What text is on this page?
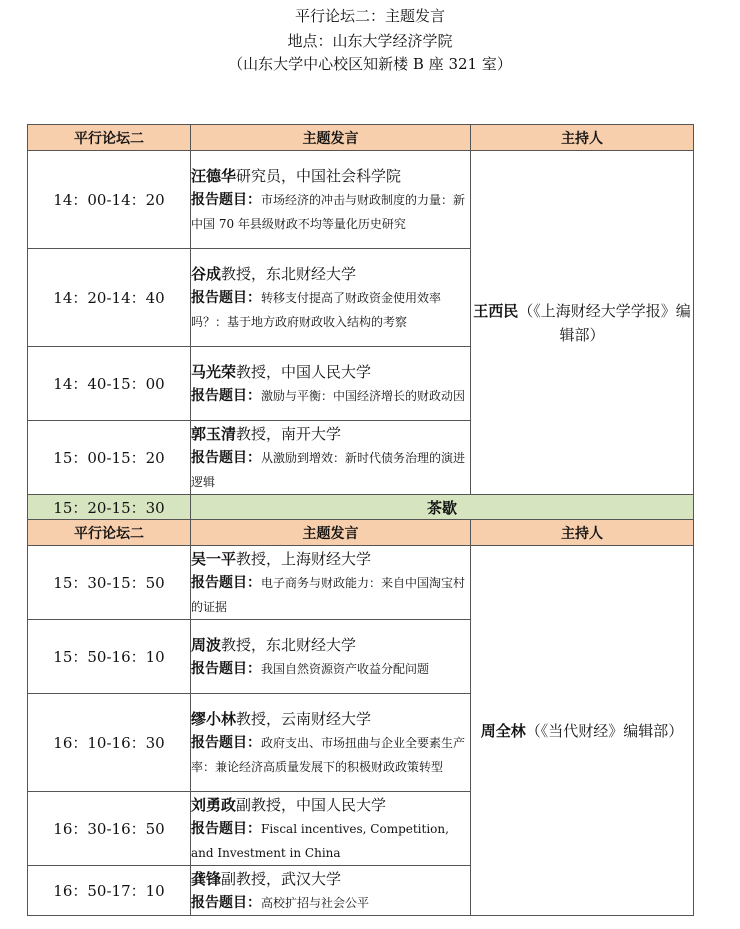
平行论坛二：主题发言
地点：山东大学经济学院
（山东大学中心校区知新楼 B 座 321 室）
平行论坛二	主题发言	主持人
14：00-14：20	汪德华研究员，中国社会科学院
报告题目：市场经济的冲击与财政制度的力量：新中国 70 年县级财政不均等量化历史研究	王西民（《上海财经大学学报》编辑部）
14：20-14：40	谷成教授，东北财经大学
报告题目：转移支付提高了财政资金使用效率吗？：基于地方政府财政收入结构的考察	

14：40-15：00	马光荣教授，中国人民大学
报告题目：激励与平衡：中国经济增长的财政动因	

15：00-15：20	郭玉清教授，南开大学
报告题目：从激励到增效：新时代债务治理的演进逻辑	

15：20-15：30	茶歇	
平行论坛二	主题发言	主持人
15：30-15：50	吴一平教授，上海财经大学
报告题目：电子商务与财政能力：来自中国淘宝村的证据	周全林（《当代财经》编辑部）
15：50-16：10	周波教授，东北财经大学
报告题目：我国自然资源资产收益分配问题	

16：10-16：30	缪小林教授，云南财经大学
报告题目：政府支出、市场扭曲与企业全要素生产率：兼论经济高质量发展下的积极财政政策转型	

16：30-16：50	刘勇政副教授，中国人民大学
报告题目：Fiscal incentives, Competition, and Investment in China	

16：50-17：10	龚锋副教授，武汉大学
报告题目：高校扩招与社会公平	
